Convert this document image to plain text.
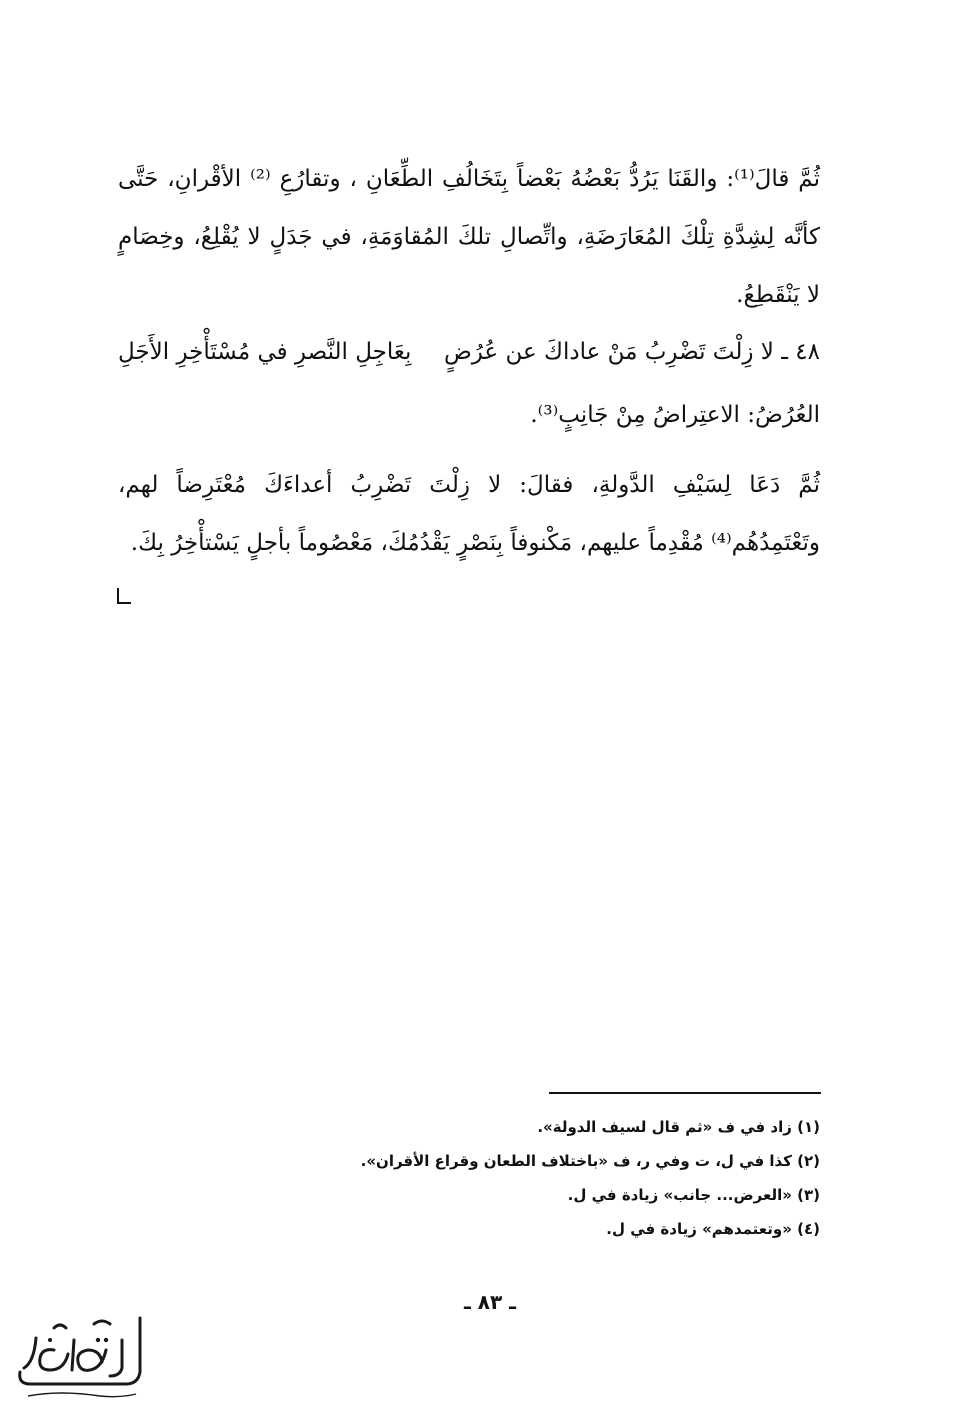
ثُمَّ قالَ⁽¹⁾: والقَنَا يَرُدُّ بَعْضُهُ بَعْضاً بِتَخَالُفِ الطِّعَانِ ، وتقارُعِ ⁽²⁾ الأقْرانِ، حَتَّى كأنَّه لِشِدَّةِ تِلْكَ المُعَارَضَةِ، واتِّصالِ تلكَ المُقاوَمَةِ، في جَدَلٍ لا يُقْلِعُ، وخِصَامٍ لا يَنْقَطِعُ.

٤٨ ـ لا زِلْتَ تَضْرِبُ مَنْ عاداكَ عن عُرُضٍ
بِعَاجِلِ النَّصرِ في مُسْتَأْخِرِ الأَجَلِ

العُرُضُ: الاعتِراضُ مِنْ جَانِبٍ⁽³⁾.

ثُمَّ دَعَا لِسَيْفِ الدَّولةِ، فقالَ: لا زِلْتَ تَضْرِبُ أعداءَكَ مُعْتَرِضاً لهم، وتَعْتَمِدُهُم⁽⁴⁾ مُقْدِماً عليهم، مَكْنوفاً بِنَصْرٍ يَقْدُمُكَ، مَعْصُوماً بأجلٍ يَسْتأْخِرُ بِكَ.

(١) زاد في ف «ثم قال لسيف الدولة».
(٢) كذا في ل، ت وفي ر، ف «باختلاف الطعان وقراع الأقران».
(٣) «العرض... جانب» زيادة في ل.
(٤) «وتعتمدهم» زيادة في ل.
ـ ٨٣ ـ
